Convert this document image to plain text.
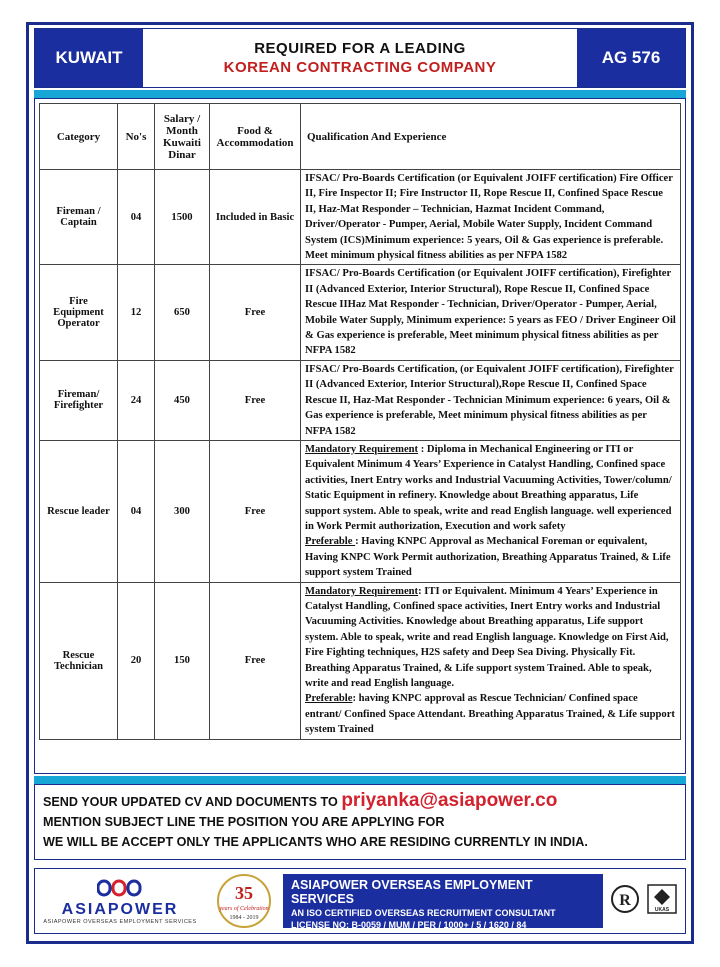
KUWAIT	REQUIRED FOR A LEADING
KOREAN CONTRACTING COMPANY
AG 576
Category	No's	Salary / Month Kuwaiti Dinar	Food & Accommodation	Qualification And Experience
Fireman / Captain	04	1500	Included in Basic	IFSAC/ Pro-Boards Certification (or Equivalent JOIFF certification) Fire Officer II, Fire Inspector II; Fire Instructor II, Rope Rescue II, Confined Space Rescue II, Haz-Mat Responder – Technician, Hazmat Incident Command, Driver/Operator - Pumper, Aerial, Mobile Water Supply, Incident Command System (ICS)Minimum experience: 5 years, Oil & Gas experience is preferable. Meet minimum physical fitness abilities as per NFPA 1582
Fire Equipment Operator	12	650	Free	IFSAC/ Pro-Boards Certification (or Equivalent JOIFF certification), Firefighter II (Advanced Exterior, Interior Structural), Rope Rescue II, Confined Space Rescue IIHaz Mat Responder - Technician, Driver/Operator - Pumper, Aerial, Mobile Water Supply, Minimum experience: 5 years as FEO / Driver Engineer Oil & Gas experience is preferable, Meet minimum physical fitness abilities as per NFPA 1582
Fireman/ Firefighter	24	450	Free	IFSAC/ Pro-Boards Certification, (or Equivalent JOIFF certification), Firefighter II (Advanced Exterior, Interior Structural),Rope Rescue II, Confined Space Rescue II, Haz-Mat Responder - Technician Minimum experience: 6 years, Oil & Gas experience is preferable, Meet minimum physical fitness abilities as per NFPA 1582
Rescue leader	04	300	Free	Mandatory Requirement : Diploma in Mechanical Engineering or ITI or Equivalent Minimum 4 Years’ Experience in Catalyst Handling, Confined space activities, Inert Entry works and Industrial Vacuuming Activities, Tower/column/ Static Equipment in refinery. Knowledge about Breathing apparatus, Life support system. Able to speak, write and read English language. well experienced in Work Permit authorization, Execution and work safety
Preferable : Having KNPC Approval as Mechanical Foreman or equivalent, Having KNPC Work Permit authorization, Breathing Apparatus Trained, & Life support system Trained
Rescue Technician	20	150	Free	Mandatory Requirement: ITI or Equivalent. Minimum 4 Years’ Experience in Catalyst Handling, Confined space activities, Inert Entry works and Industrial Vacuuming Activities. Knowledge about Breathing apparatus, Life support system. Able to speak, write and read English language. Knowledge on First Aid, Fire Fighting techniques, H2S safety and Deep Sea Diving. Physically Fit. Breathing Apparatus Trained, & Life support system Trained. Able to speak, write and read English language.
Preferable: having KNPC approval as Rescue Technician/ Confined space entrant/ Confined Space Attendant. Breathing Apparatus Trained, & Life support system Trained
SEND YOUR UPDATED CV AND DOCUMENTS TO priyanka@asiapower.co
MENTION SUBJECT LINE THE POSITION YOU ARE APPLYING FOR
WE WILL BE ACCEPT ONLY THE APPLICANTS WHO ARE RESIDING CURRENTLY IN INDIA.
ASIAPOWER
ASIAPOWER OVERSEAS EMPLOYMENT SERVICES
35
years of Celebration
1984 - 2019
ASIAPOWER OVERSEAS EMPLOYMENT SERVICES
AN ISO CERTIFIED OVERSEAS RECRUITMENT CONSULTANT
LICENSE NO: B-0059 / MUM / PER / 1000+ / 5 / 1620 / 84
R
UKAS
